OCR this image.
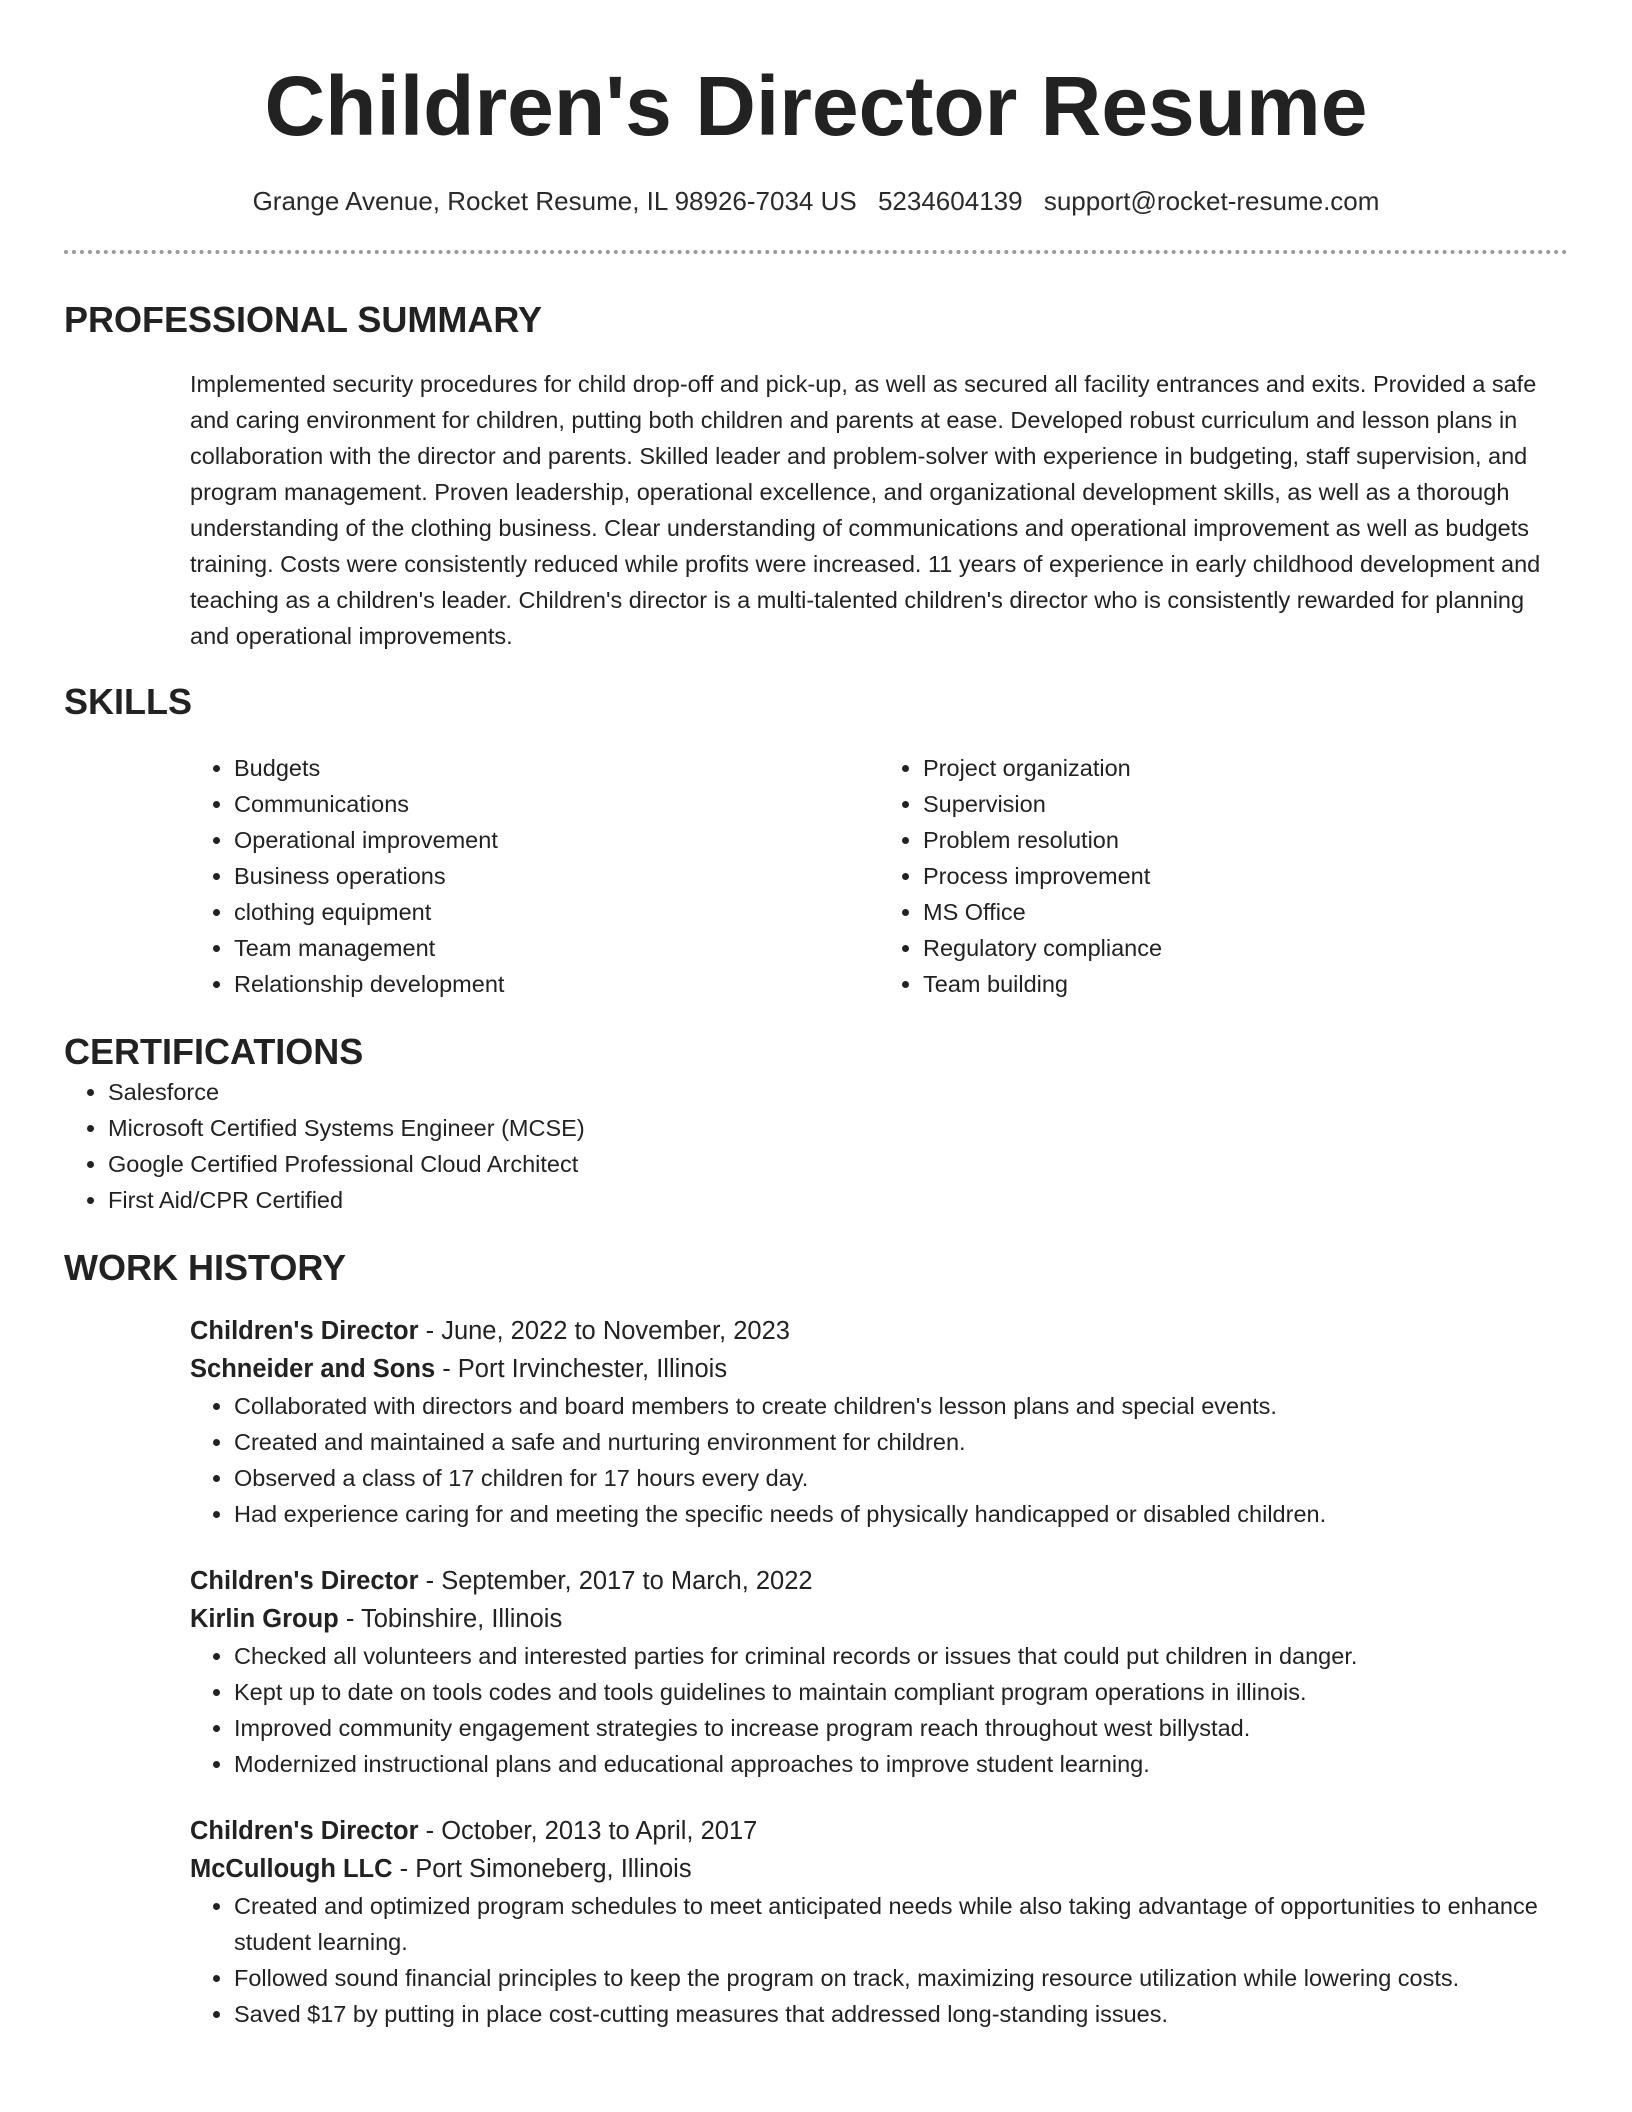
Children's Director Resume
Grange Avenue, Rocket Resume, IL 98926-7034 US 5234604139 support@rocket-resume.com
PROFESSIONAL SUMMARY

Implemented security procedures for child drop-off and pick-up, as well as secured all facility entrances and exits. Provided a safe and caring environment for children, putting both children and parents at ease. Developed robust curriculum and lesson plans in collaboration with the director and parents. Skilled leader and problem-solver with experience in budgeting, staff supervision, and program management. Proven leadership, operational excellence, and organizational development skills, as well as a thorough understanding of the clothing business. Clear understanding of communications and operational improvement as well as budgets training. Costs were consistently reduced while profits were increased. 11 years of experience in early childhood development and teaching as a children's leader. Children's director is a multi-talented children's director who is consistently rewarded for planning and operational improvements.

SKILLS
• Budgets
• Communications
• Operational improvement
• Business operations
• clothing equipment
• Team management
• Relationship development
• Project organization
• Supervision
• Problem resolution
• Process improvement
• MS Office
• Regulatory compliance
• Team building
CERTIFICATIONS
• Salesforce
• Microsoft Certified Systems Engineer (MCSE)
• Google Certified Professional Cloud Architect
• First Aid/CPR Certified
WORK HISTORY
Children's Director - June, 2022 to November, 2023
Schneider and Sons - Port Irvinchester, Illinois
• Collaborated with directors and board members to create children's lesson plans and special events.
• Created and maintained a safe and nurturing environment for children.
• Observed a class of 17 children for 17 hours every day.
• Had experience caring for and meeting the specific needs of physically handicapped or disabled children.
Children's Director - September, 2017 to March, 2022
Kirlin Group - Tobinshire, Illinois
• Checked all volunteers and interested parties for criminal records or issues that could put children in danger.
• Kept up to date on tools codes and tools guidelines to maintain compliant program operations in illinois.
• Improved community engagement strategies to increase program reach throughout west billystad.
• Modernized instructional plans and educational approaches to improve student learning.
Children's Director - October, 2013 to April, 2017
McCullough LLC - Port Simoneberg, Illinois
• Created and optimized program schedules to meet anticipated needs while also taking advantage of opportunities to enhance student learning.
• Followed sound financial principles to keep the program on track, maximizing resource utilization while lowering costs.
• Saved $17 by putting in place cost-cutting measures that addressed long-standing issues.
